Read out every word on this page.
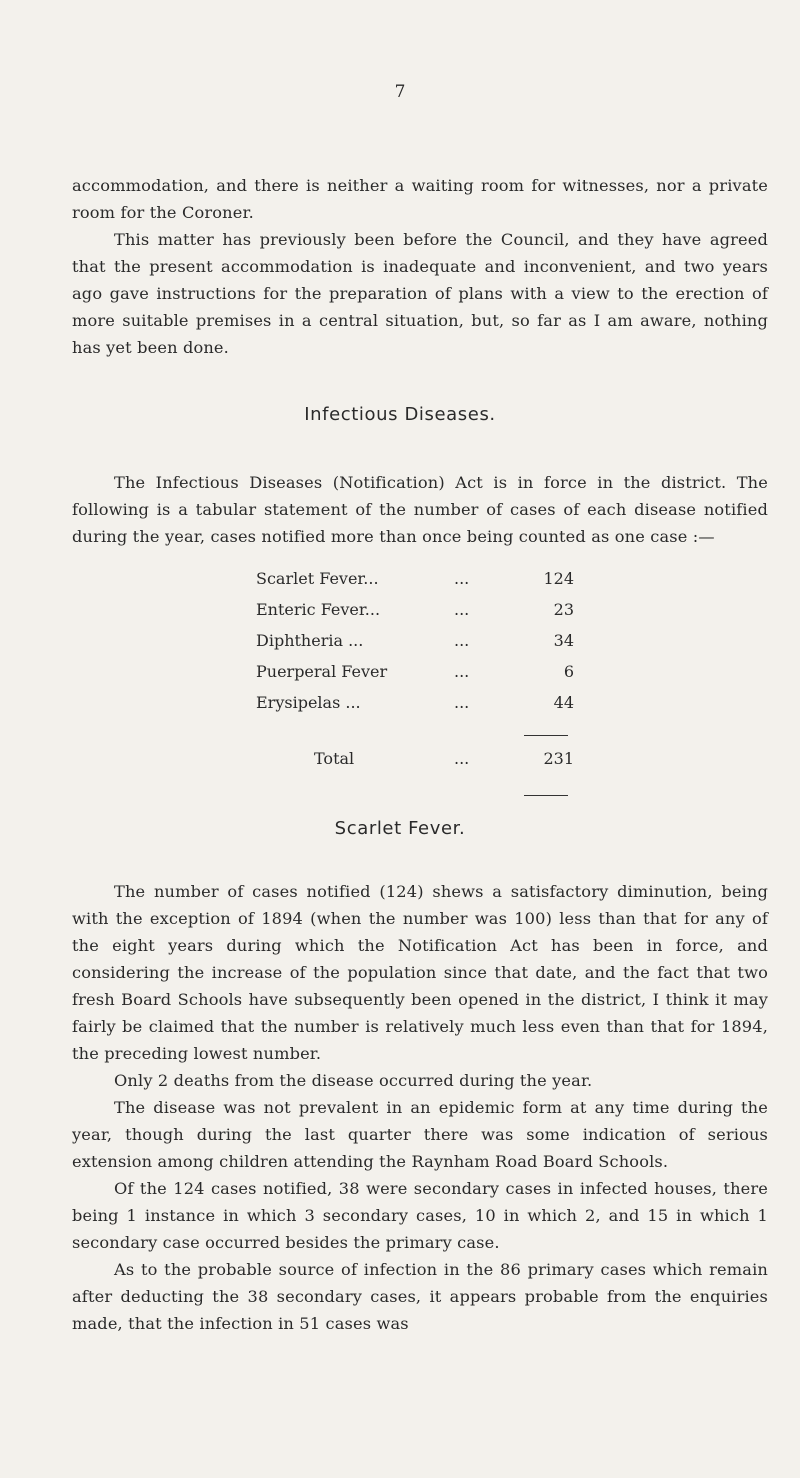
7

accommodation, and there is neither a waiting room for witnesses, nor a private room for the Coroner.

This matter has previously been before the Council, and they have agreed that the present accommodation is inadequate and inconvenient, and two years ago gave instructions for the preparation of plans with a view to the erection of more suitable premises in a central situation, but, so far as I am aware, nothing has yet been done.

Infectious Diseases.

The Infectious Diseases (Notification) Act is in force in the district. The following is a tabular statement of the number of cases of each disease notified during the year, cases notified more than once being counted as one case :—

Scarlet Fever...	...	124
Enteric Fever...	...	23
Diphtheria ...	...	34
Puerperal Fever	...	6
Erysipelas ...	...	44
Total	...	231
Scarlet Fever.

The number of cases notified (124) shews a satisfactory diminution, being with the exception of 1894 (when the number was 100) less than that for any of the eight years during which the Notification Act has been in force, and considering the increase of the population since that date, and the fact that two fresh Board Schools have subsequently been opened in the district, I think it may fairly be claimed that the number is relatively much less even than that for 1894, the preceding lowest number.

Only 2 deaths from the disease occurred during the year.

The disease was not prevalent in an epidemic form at any time during the year, though during the last quarter there was some indication of serious extension among children attending the Raynham Road Board Schools.

Of the 124 cases notified, 38 were secondary cases in infected houses, there being 1 instance in which 3 secondary cases, 10 in which 2, and 15 in which 1 secondary case occurred besides the primary case.

As to the probable source of infection in the 86 primary cases which remain after deducting the 38 secondary cases, it appears probable from the enquiries made, that the infection in 51 cases was
